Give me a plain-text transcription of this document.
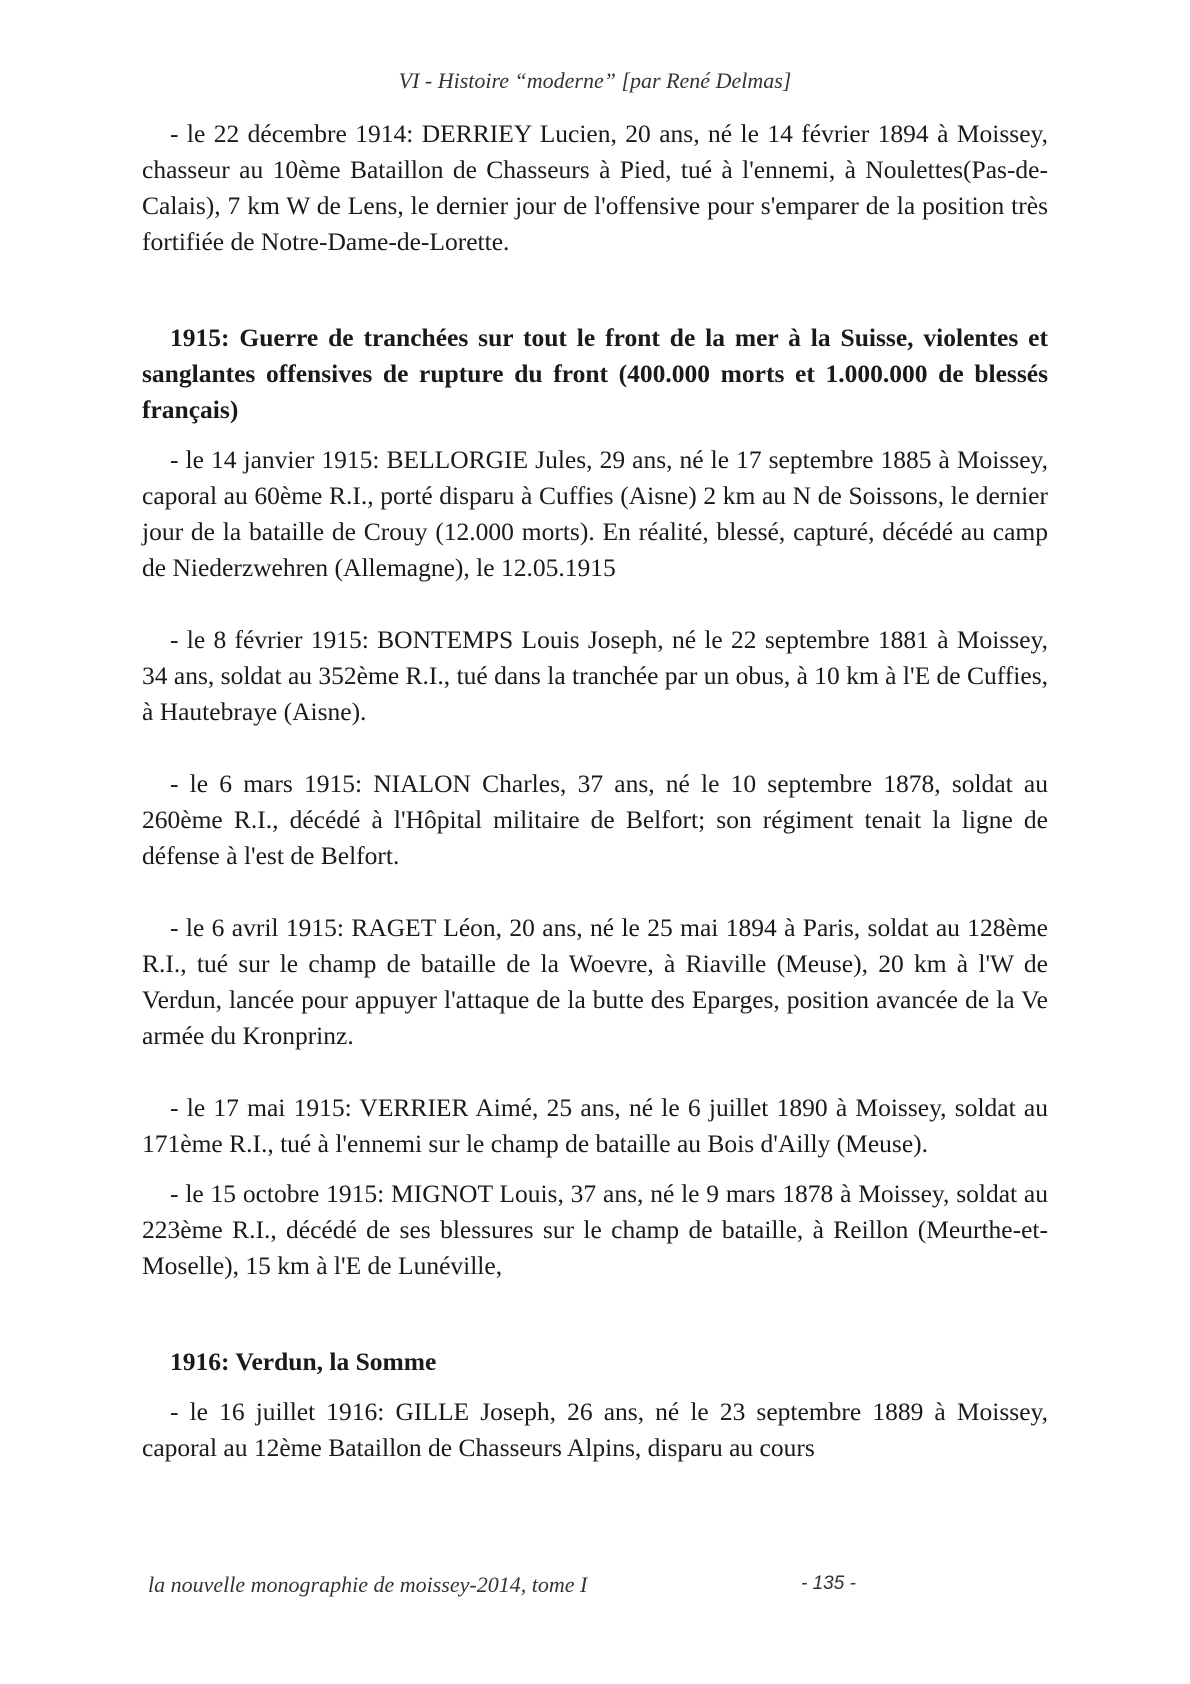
VI - Histoire “moderne” [par René Delmas]

- le 22 décembre 1914: DERRIEY Lucien, 20 ans, né le 14 février 1894 à Moissey, chasseur au 10ème Bataillon de Chasseurs à Pied, tué à l'ennemi, à Noulettes(Pas-de-Calais), 7 km W de Lens, le dernier jour de l'offensive pour s'emparer de la position très fortifiée de Notre-Dame-de-Lorette.

1915: Guerre de tranchées sur tout le front de la mer à la Suisse, violentes et sanglantes offensives de rupture du front (400.000 morts et 1.000.000 de blessés français)

- le 14 janvier 1915: BELLORGIE Jules, 29 ans, né le 17 septembre 1885 à Moissey, caporal au 60ème R.I., porté disparu à Cuffies (Aisne) 2 km au N de Soissons, le dernier jour de la bataille de Crouy (12.000 morts). En réalité, blessé, capturé, décédé au camp de Niederzwehren (Allemagne), le 12.05.1915

- le 8 février 1915: BONTEMPS Louis Joseph, né le 22 septembre 1881 à Moissey, 34 ans, soldat au 352ème R.I., tué dans la tranchée par un obus, à 10 km à l'E de Cuffies, à Hautebraye (Aisne).

- le 6 mars 1915: NIALON Charles, 37 ans, né le 10 septembre 1878, soldat au 260ème R.I., décédé à l'Hôpital militaire de Belfort; son régiment tenait la ligne de défense à l'est de Belfort.

- le 6 avril 1915: RAGET Léon, 20 ans, né le 25 mai 1894 à Paris, soldat au 128ème R.I., tué sur le champ de bataille de la Woevre, à Riaville (Meuse), 20 km à l'W de Verdun, lancée pour appuyer l'attaque de la butte des Eparges, position avancée de la Ve armée du Kronprinz.

- le 17 mai 1915: VERRIER Aimé, 25 ans, né le 6 juillet 1890 à Moissey, soldat au 171ème R.I., tué à l'ennemi sur le champ de bataille au Bois d'Ailly (Meuse).

- le 15 octobre 1915: MIGNOT Louis, 37 ans, né le 9 mars 1878 à Moissey, soldat au 223ème R.I., décédé de ses blessures sur le champ de bataille, à Reillon (Meurthe-et-Moselle), 15 km à l'E de Lunéville,

1916: Verdun, la Somme

- le 16 juillet 1916: GILLE Joseph, 26 ans, né le 23 septembre 1889 à Moissey, caporal au 12ème Bataillon de Chasseurs Alpins, disparu au cours

la nouvelle monographie de moissey-2014, tome I	- 135 -
